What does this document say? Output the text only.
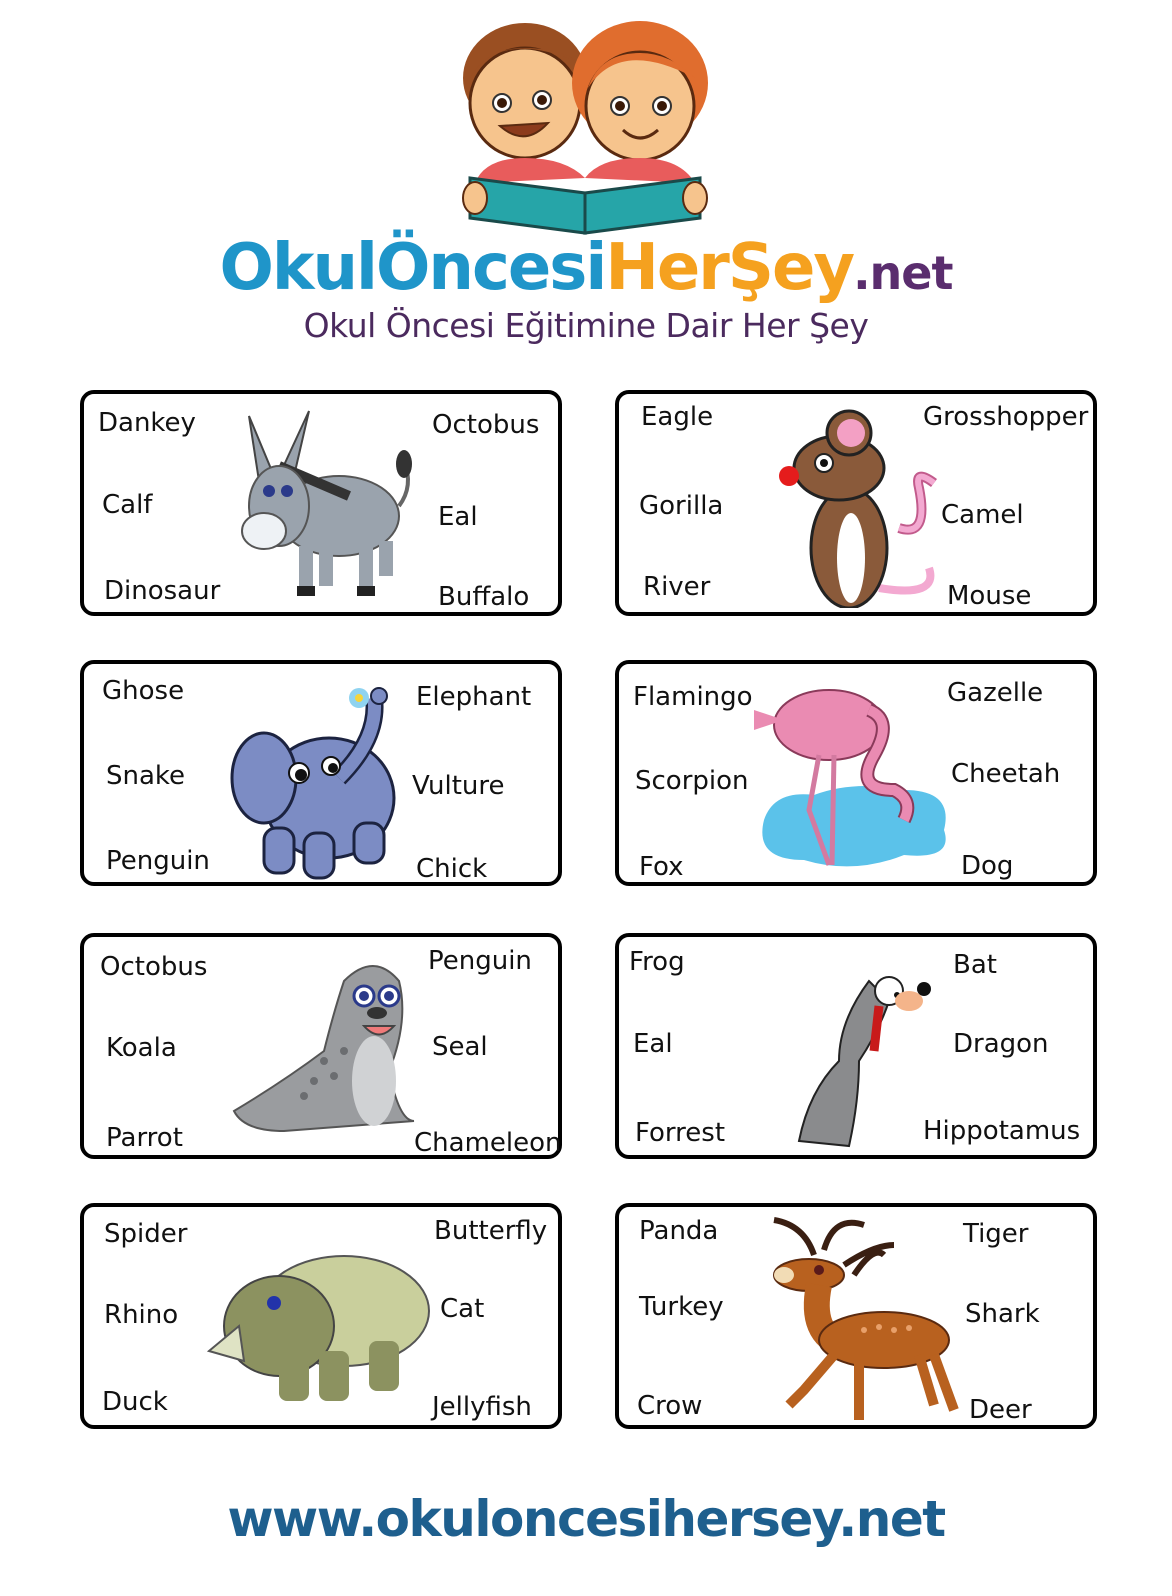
OkulÖncesiHerŞey.net
Okul Öncesi Eğitimine Dair Her Şey
Dankey
Calf
Dinosaur
Octobus
Eal
Buffalo
Eagle
Gorilla
River
Grosshopper
Camel
Mouse
Ghose
Snake
Penguin
Elephant
Vulture
Chick
Flamingo
Scorpion
Fox
Gazelle
Cheetah
Dog
Octobus
Koala
Parrot
Penguin
Seal
Chameleon
Frog
Eal
Forrest
Bat
Dragon
Hippotamus
Spider
Rhino
Duck
Butterfly
Cat
Jellyfish
Panda
Turkey
Crow
Tiger
Shark
Deer
www.okuloncesihersey.net
